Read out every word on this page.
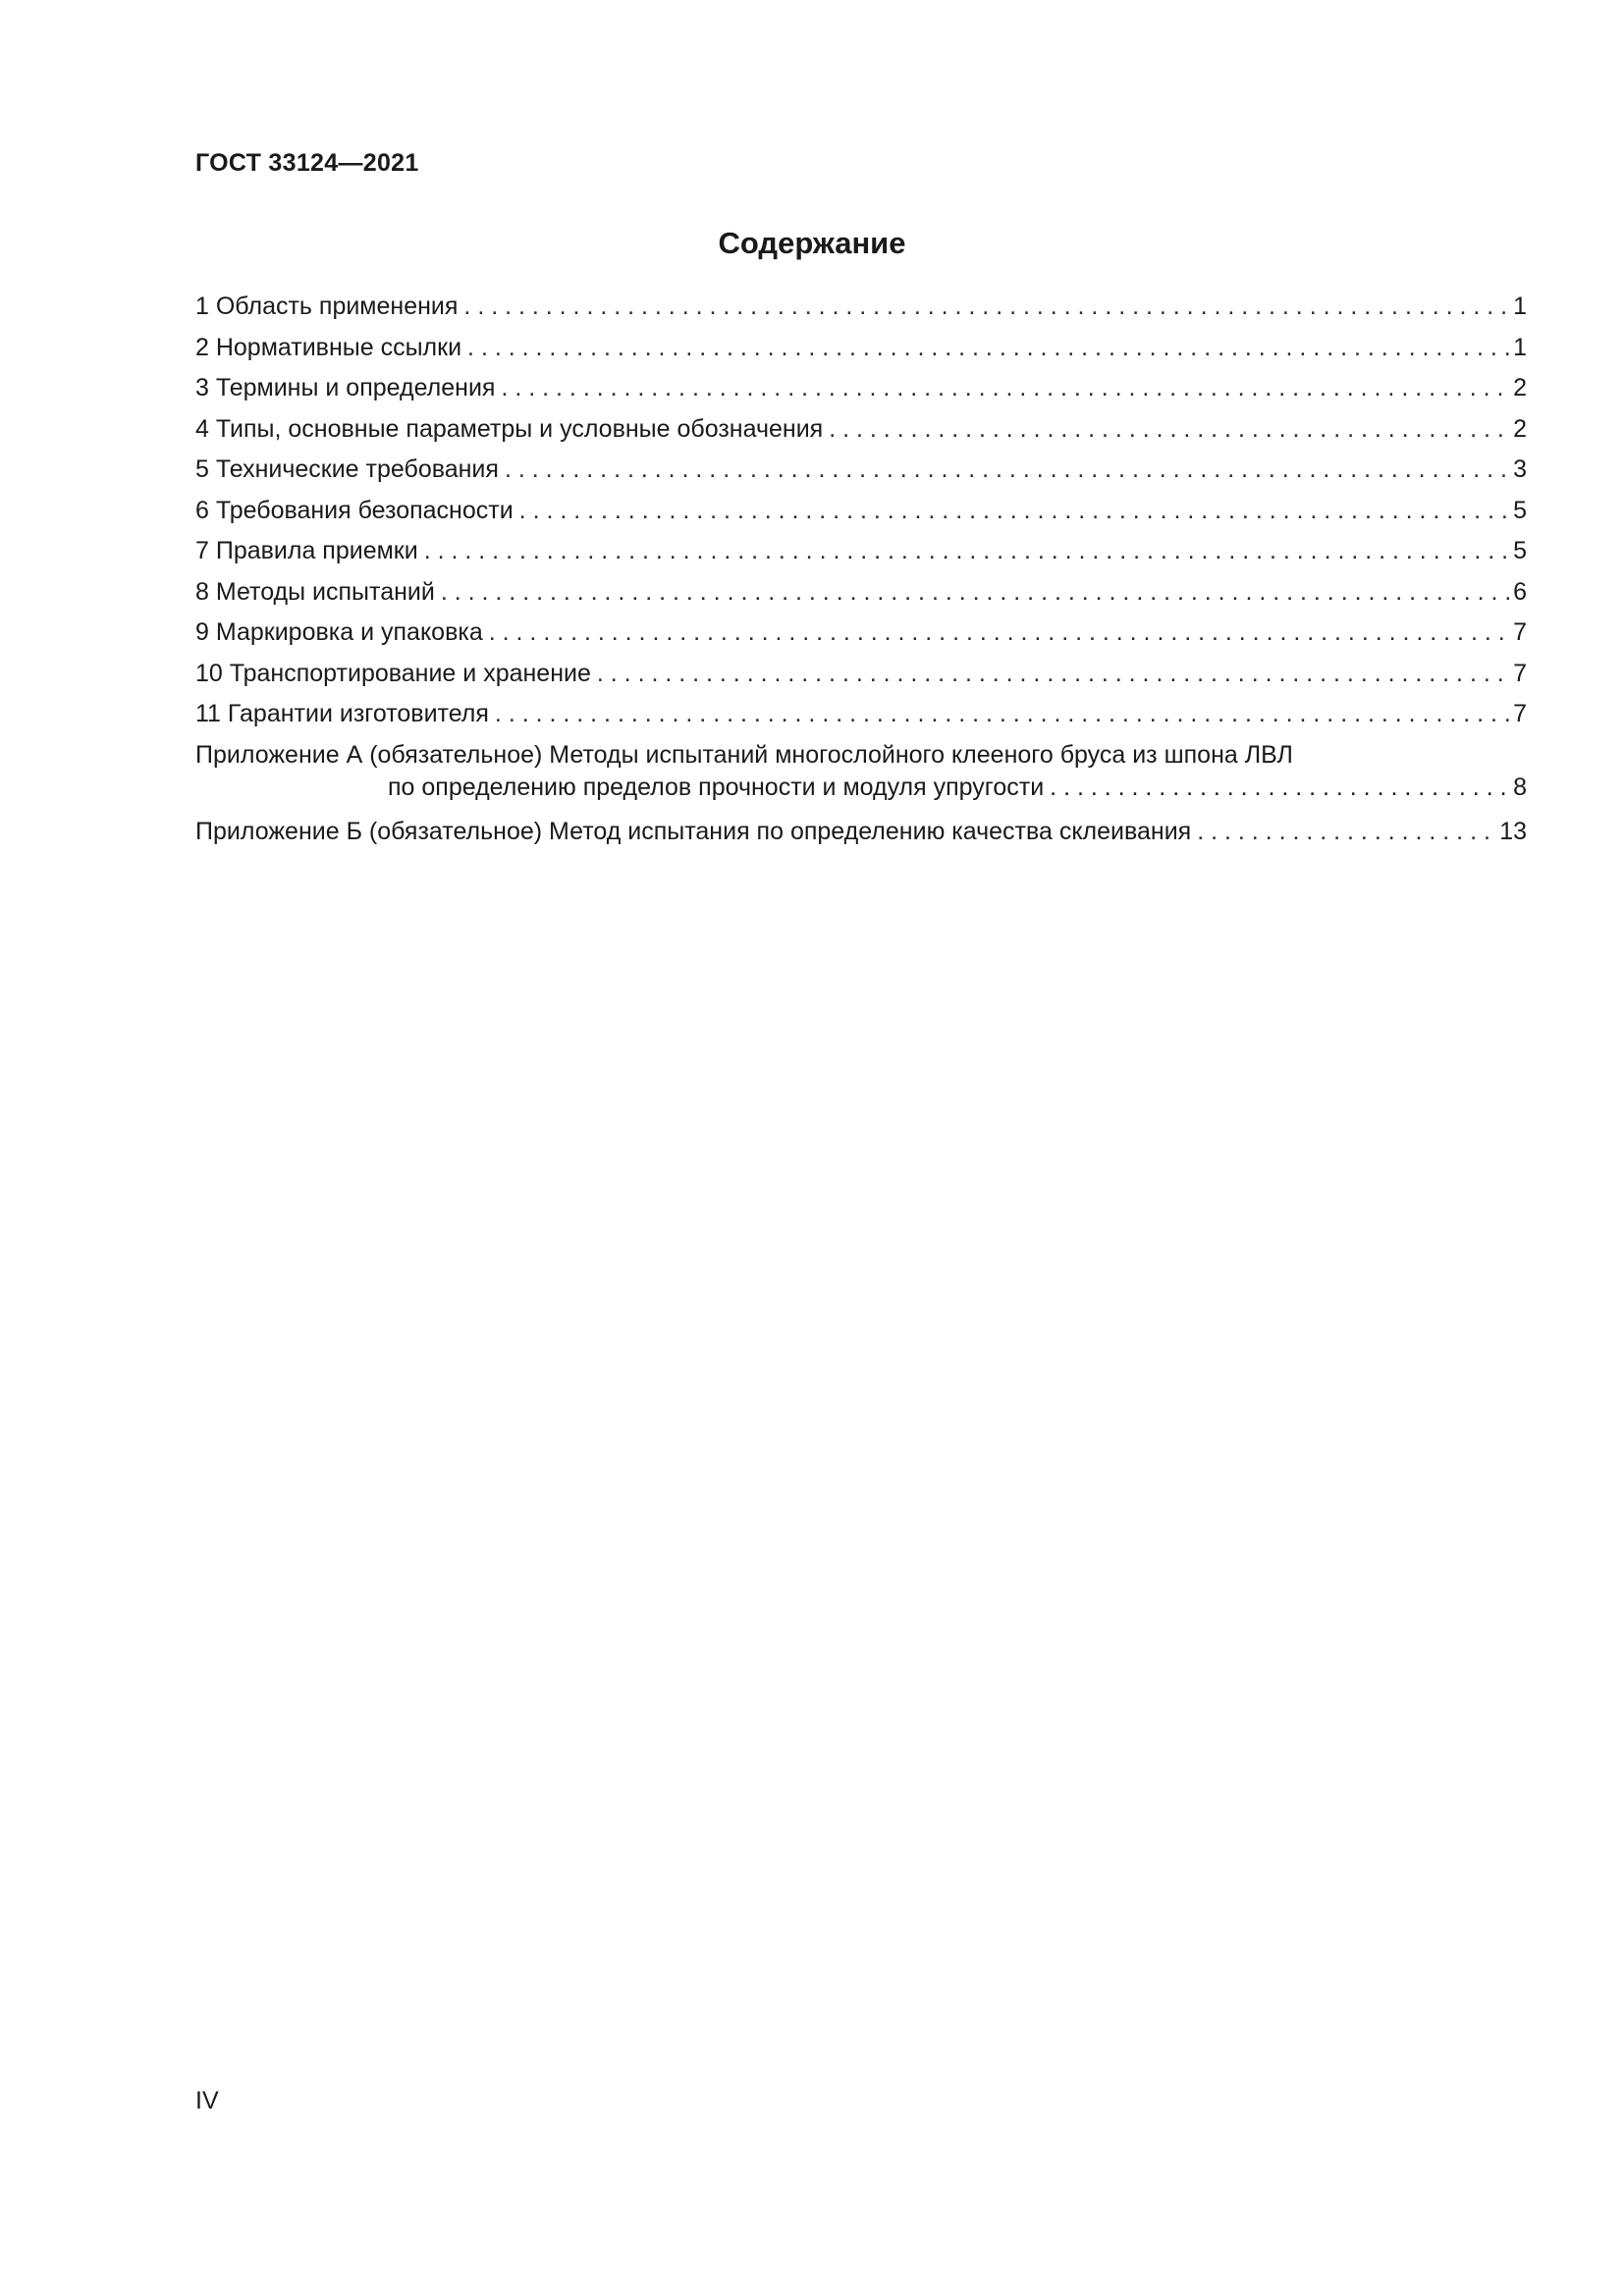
ГОСТ 33124—2021
Содержание
1 Область применения . . .	1
2 Нормативные ссылки . . .	1
3 Термины и определения . . .	2
4 Типы, основные параметры и условные обозначения . . .	2
5 Технические требования . . .	3
6 Требования безопасности . . .	5
7 Правила приемки . . .	5
8 Методы испытаний . . .	6
9 Маркировка и упаковка . . .	7
10 Транспортирование и хранение . . .	7
11 Гарантии изготовителя . . .	7
Приложение А (обязательное) Методы испытаний многослойного клееного бруса из шпона ЛВЛ
по определению пределов прочности и модуля упругости . . .	8
Приложение Б (обязательное) Метод испытания по определению качества склеивания . . .	13
IV
